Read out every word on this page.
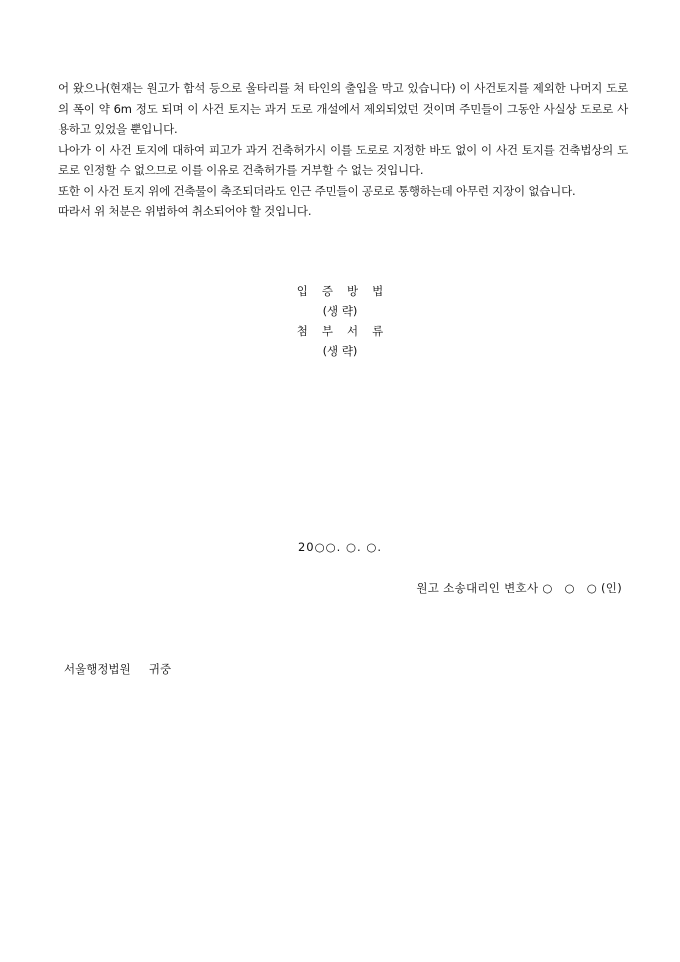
어 왔으나(현재는 원고가 함석 등으로 울타리를 쳐 타인의 출입을 막고 있습니다) 이 사건토지를 제외한 나머지 도로의 폭이 약 6m 정도 되며 이 사건 토지는 과거 도로 개설에서 제외되었던 것이며 주민들이 그동안 사실상 도로로 사용하고 있었을 뿐입니다.

나아가 이 사건 토지에 대하여 피고가 과거 건축허가시 이를 도로로 지정한 바도 없이 이 사건 토지를 건축법상의 도로로 인정할 수 없으므로 이를 이유로 건축허가를 거부할 수 없는 것입니다.

또한 이 사건 토지 위에 건축물이 축조되더라도 인근 주민들이 공로로 통행하는데 아무런 지장이 없습니다.

따라서 위 처분은 위법하여 취소되어야 할 것입니다.

입증방법
(생 략)
첨부서류
(생 략)
20○○. ○. ○.
원고 소송대리인 변호사 ○   ○   ○ (인)
서울행정법원     귀중
